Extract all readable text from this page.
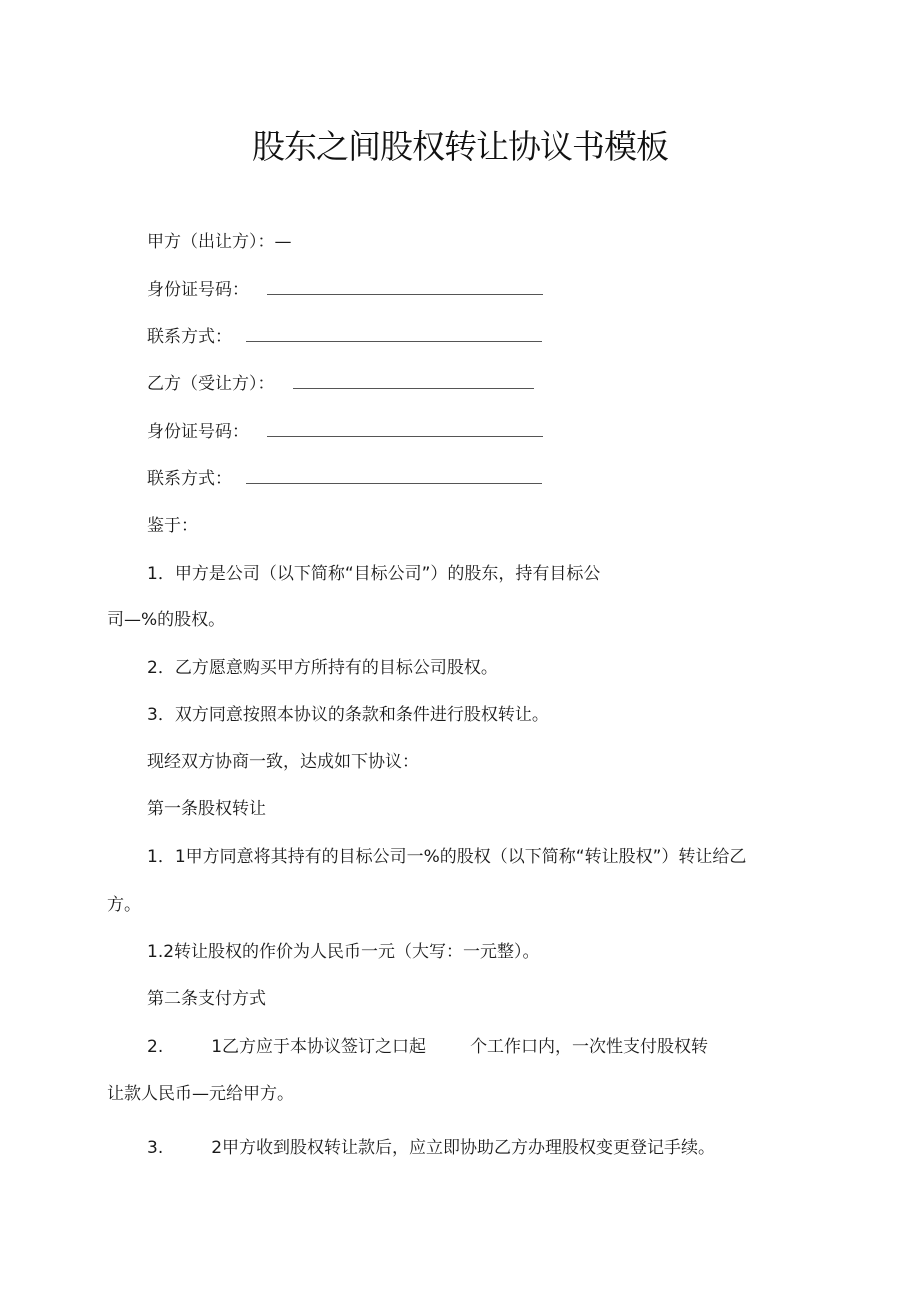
股东之间股权转让协议书模板
甲方（出让方）：—
身份证号码：
联系方式：
乙方（受让方）：
身份证号码：
联系方式：
鉴于：
1．甲方是公司（以下简称“目标公司”）的股东，持有目标公
司—%的股权。
2．乙方愿意购买甲方所持有的目标公司股权。
3．双方同意按照本协议的条款和条件进行股权转让。
现经双方协商一致，达成如下协议：
第一条股权转让
1．1甲方同意将其持有的目标公司一%的股权（以下简称“转让股权”）转让给乙
方。
1.2转让股权的作价为人民币一元（大写：一元整）。
第二条支付方式
2.	1乙方应于本协议签订之口起	个工作口内，一次性支付股权转
让款人民币—元给甲方。
3.	2甲方收到股权转让款后，应立即协助乙方办理股权变更登记手续。
